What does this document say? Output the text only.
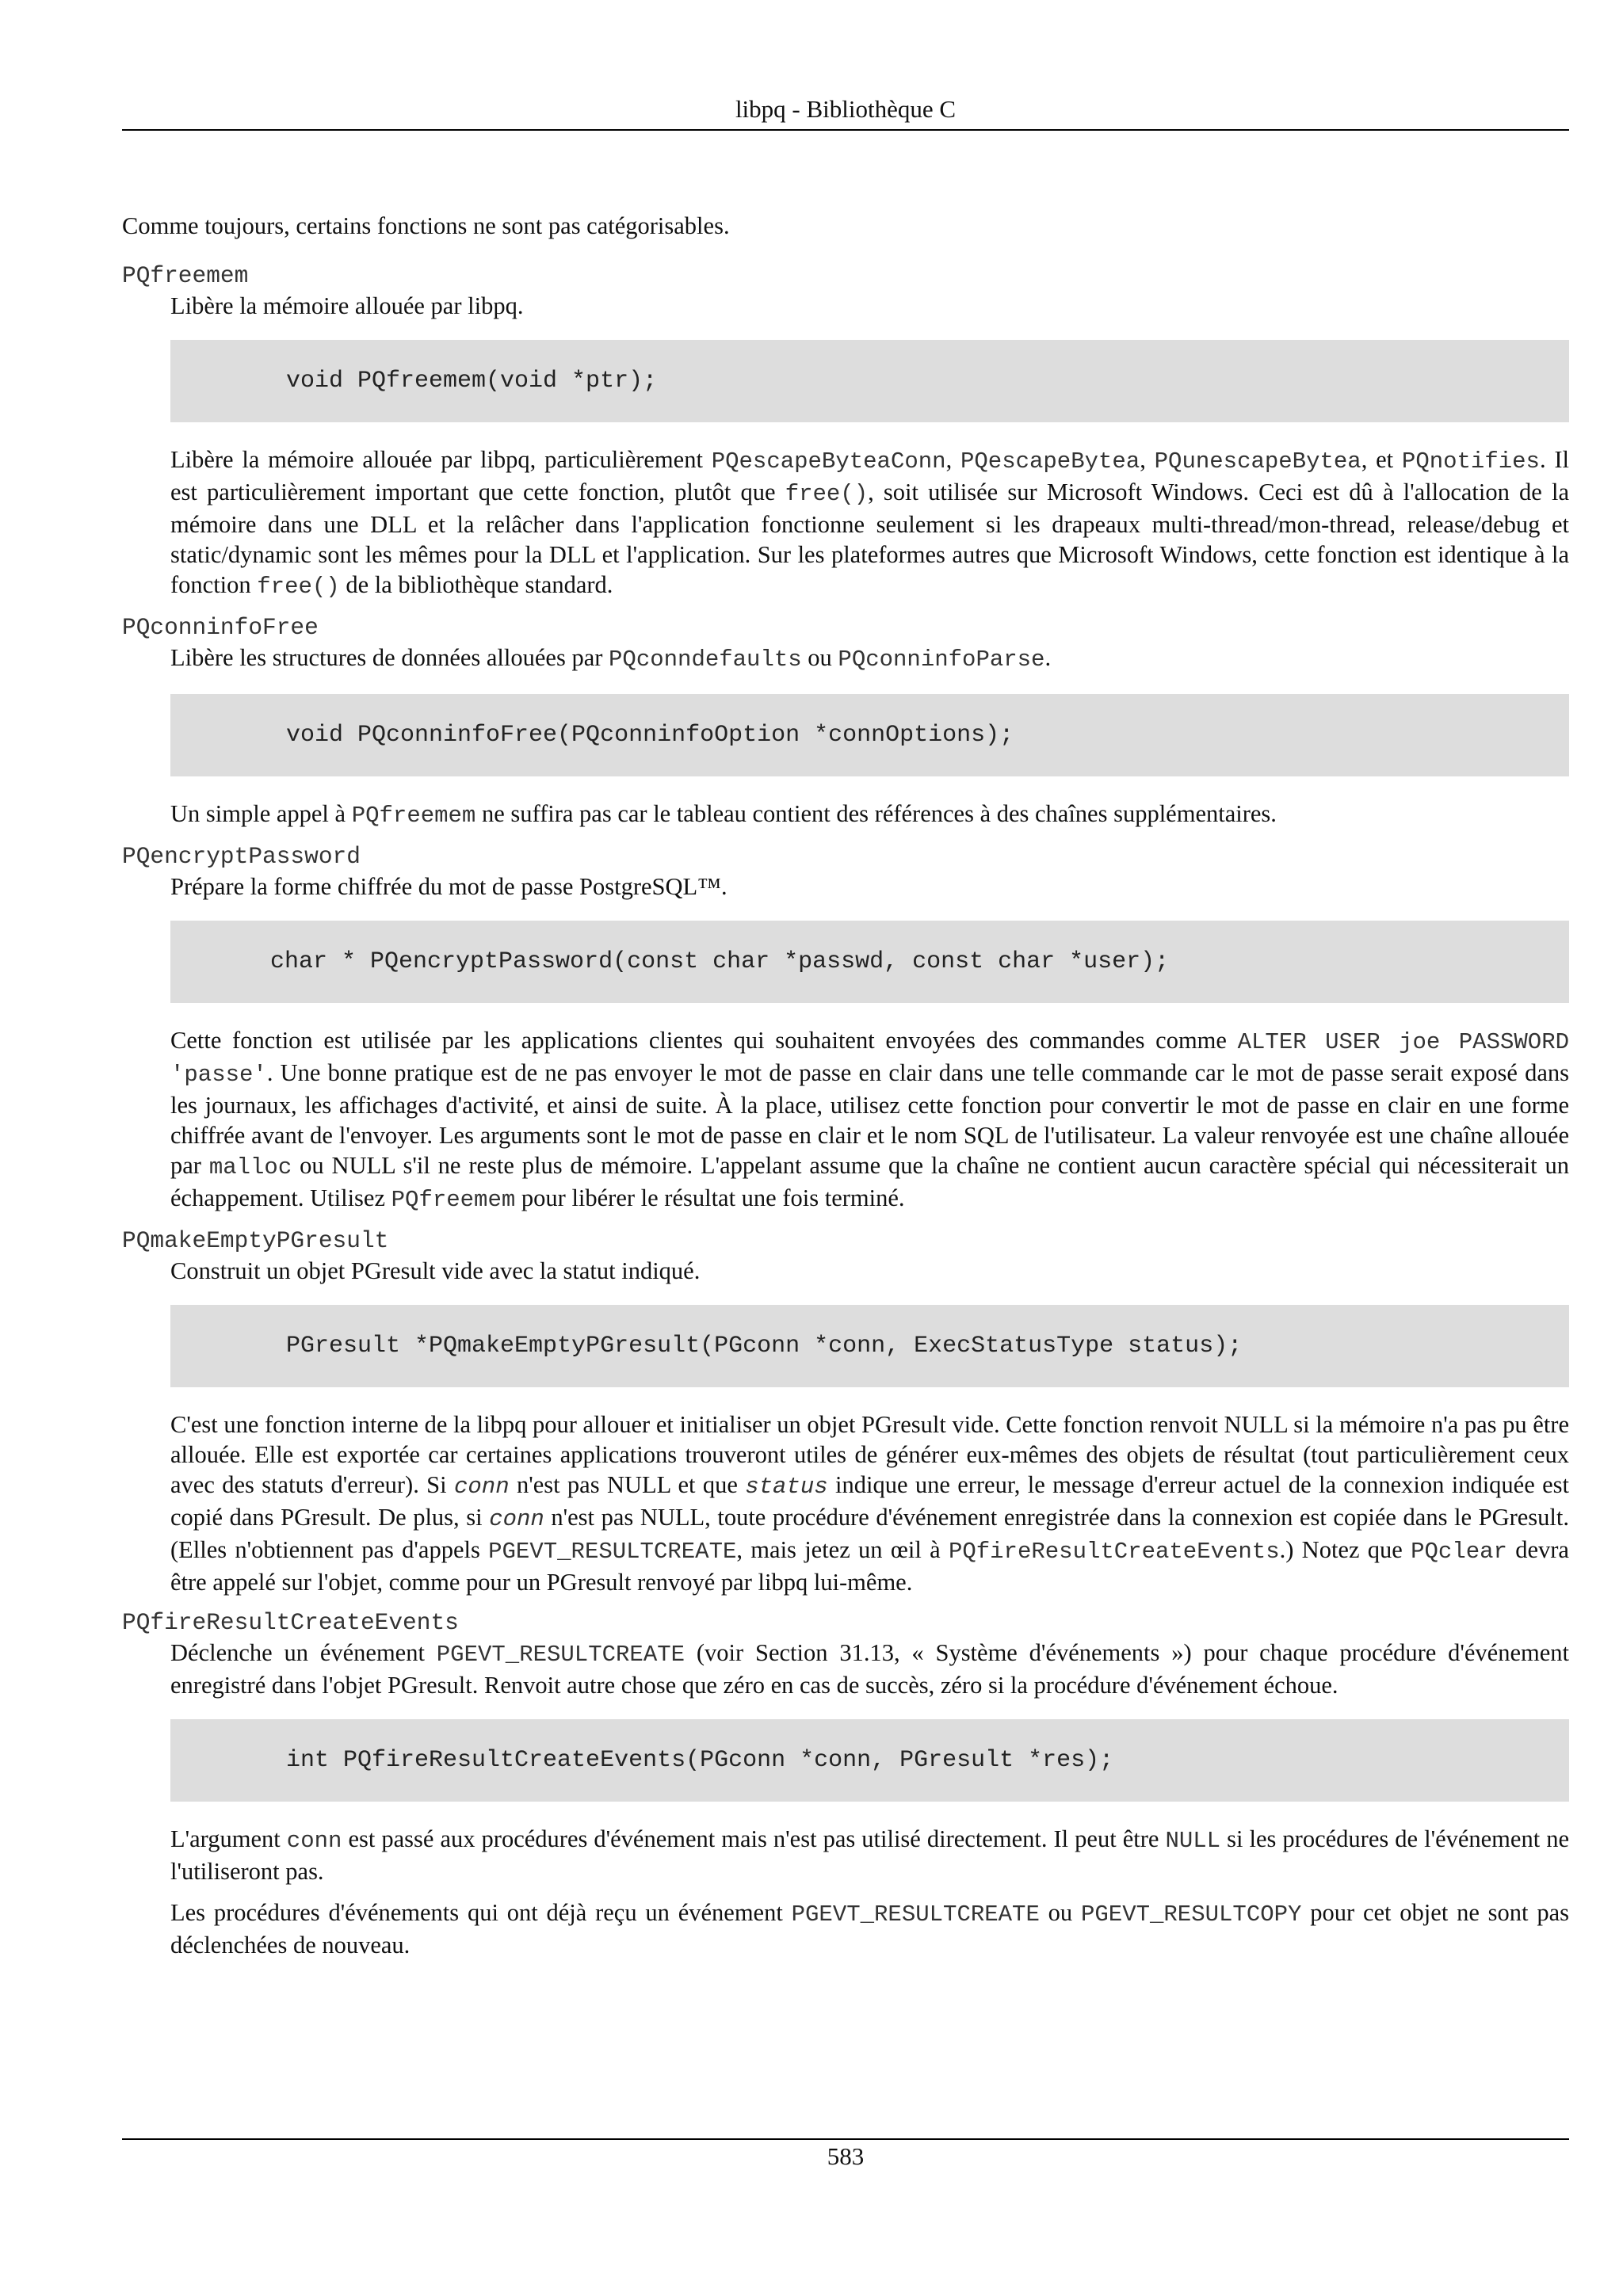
libpq - Bibliothèque C

Comme toujours, certains fonctions ne sont pas catégorisables.

PQfreemem

Libère la mémoire allouée par libpq.

void PQfreemem(void *ptr);

Libère la mémoire allouée par libpq, particulièrement PQescapeByteaConn, PQescapeBytea, PQunescapeBytea, et PQnotifies. Il est particulièrement important que cette fonction, plutôt que free(), soit utilisée sur Microsoft Windows. Ceci est dû à l'allocation de la mémoire dans une DLL et la relâcher dans l'application fonctionne seulement si les drapeaux multi-thread/mon-thread, release/debug et static/dynamic sont les mêmes pour la DLL et l'application. Sur les plateformes autres que Microsoft Windows, cette fonction est identique à la fonction free() de la bibliothèque standard.

PQconninfoFree

Libère les structures de données allouées par PQconndefaults ou PQconninfoParse.

void PQconninfoFree(PQconninfoOption *connOptions);

Un simple appel à PQfreemem ne suffira pas car le tableau contient des références à des chaînes supplémentaires.

PQencryptPassword

Prépare la forme chiffrée du mot de passe PostgreSQL™.

char * PQencryptPassword(const char *passwd, const char *user);

Cette fonction est utilisée par les applications clientes qui souhaitent envoyées des commandes comme ALTER USER joe PASSWORD 'passe'. Une bonne pratique est de ne pas envoyer le mot de passe en clair dans une telle commande car le mot de passe serait exposé dans les journaux, les affichages d'activité, et ainsi de suite. À la place, utilisez cette fonction pour convertir le mot de passe en clair en une forme chiffrée avant de l'envoyer. Les arguments sont le mot de passe en clair et le nom SQL de l'utilisateur. La valeur renvoyée est une chaîne allouée par malloc ou NULL s'il ne reste plus de mémoire. L'appelant assume que la chaîne ne contient aucun caractère spécial qui nécessiterait un échappement. Utilisez PQfreemem pour libérer le résultat une fois terminé.

PQmakeEmptyPGresult

Construit un objet PGresult vide avec la statut indiqué.

PGresult *PQmakeEmptyPGresult(PGconn *conn, ExecStatusType status);

C'est une fonction interne de la libpq pour allouer et initialiser un objet PGresult vide. Cette fonction renvoit NULL si la mémoire n'a pas pu être allouée. Elle est exportée car certaines applications trouveront utiles de générer eux-mêmes des objets de résultat (tout particulièrement ceux avec des statuts d'erreur). Si conn n'est pas NULL et que status indique une erreur, le message d'erreur actuel de la connexion indiquée est copié dans PGresult. De plus, si conn n'est pas NULL, toute procédure d'événement enregistrée dans la connexion est copiée dans le PGresult. (Elles n'obtiennent pas d'appels PGEVT_RESULTCREATE, mais jetez un œil à PQfireResultCreateEvents.) Notez que PQclear devra être appelé sur l'objet, comme pour un PGresult renvoyé par libpq lui-même.

PQfireResultCreateEvents

Déclenche un événement PGEVT_RESULTCREATE (voir Section 31.13, « Système d'événements ») pour chaque procédure d'événement enregistré dans l'objet PGresult. Renvoit autre chose que zéro en cas de succès, zéro si la procédure d'événement échoue.

int PQfireResultCreateEvents(PGconn *conn, PGresult *res);

L'argument conn est passé aux procédures d'événement mais n'est pas utilisé directement. Il peut être NULL si les procédures de l'événement ne l'utiliseront pas.

Les procédures d'événements qui ont déjà reçu un événement PGEVT_RESULTCREATE ou PGEVT_RESULTCOPY pour cet objet ne sont pas déclenchées de nouveau.

583
